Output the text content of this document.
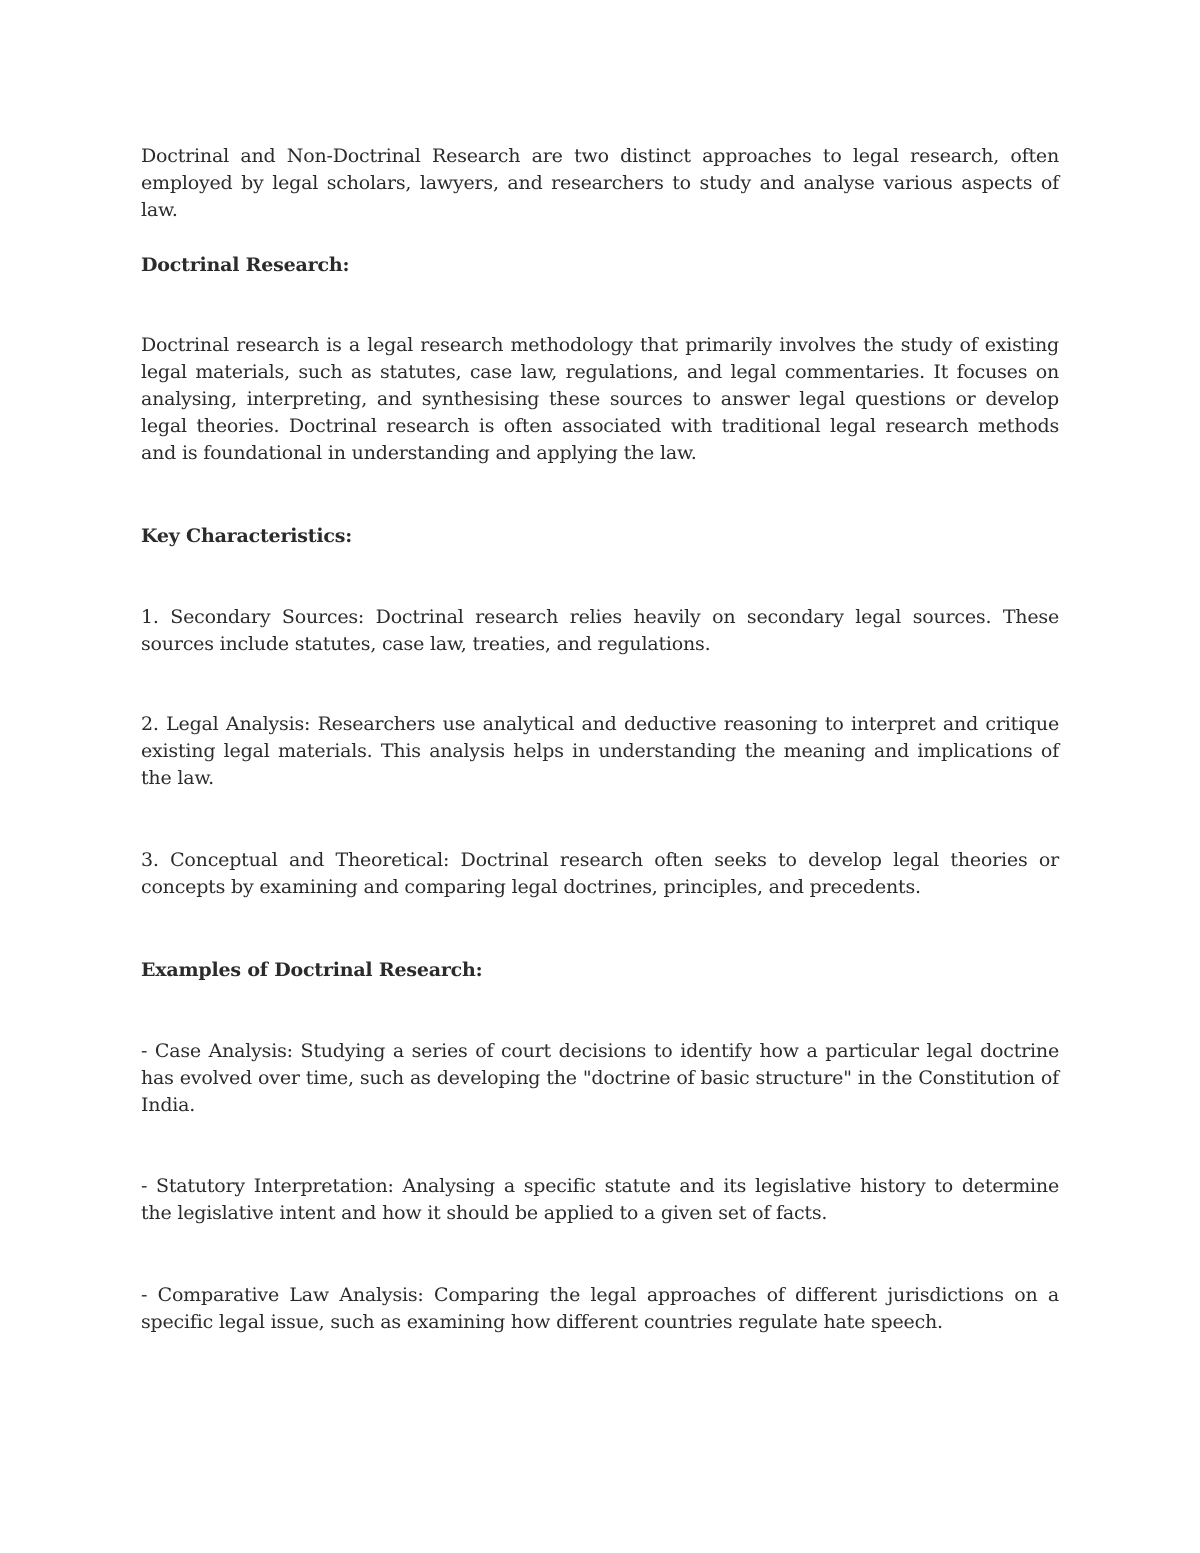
Doctrinal and Non-Doctrinal Research are two distinct approaches to legal research, often employed by legal scholars, lawyers, and researchers to study and analyse various aspects of law.

Doctrinal Research:

Doctrinal research is a legal research methodology that primarily involves the study of existing legal materials, such as statutes, case law, regulations, and legal commentaries. It focuses on analysing, interpreting, and synthesising these sources to answer legal questions or develop legal theories. Doctrinal research is often associated with traditional legal research methods and is foundational in understanding and applying the law.

Key Characteristics:

1. Secondary Sources: Doctrinal research relies heavily on secondary legal sources. These sources include statutes, case law, treaties, and regulations.

2. Legal Analysis: Researchers use analytical and deductive reasoning to interpret and critique existing legal materials. This analysis helps in understanding the meaning and implications of the law.

3. Conceptual and Theoretical: Doctrinal research often seeks to develop legal theories or concepts by examining and comparing legal doctrines, principles, and precedents.

Examples of Doctrinal Research:

- Case Analysis: Studying a series of court decisions to identify how a particular legal doctrine has evolved over time, such as developing the "doctrine of basic structure" in the Constitution of India.

- Statutory Interpretation: Analysing a specific statute and its legislative history to determine the legislative intent and how it should be applied to a given set of facts.

- Comparative Law Analysis: Comparing the legal approaches of different jurisdictions on a specific legal issue, such as examining how different countries regulate hate speech.
